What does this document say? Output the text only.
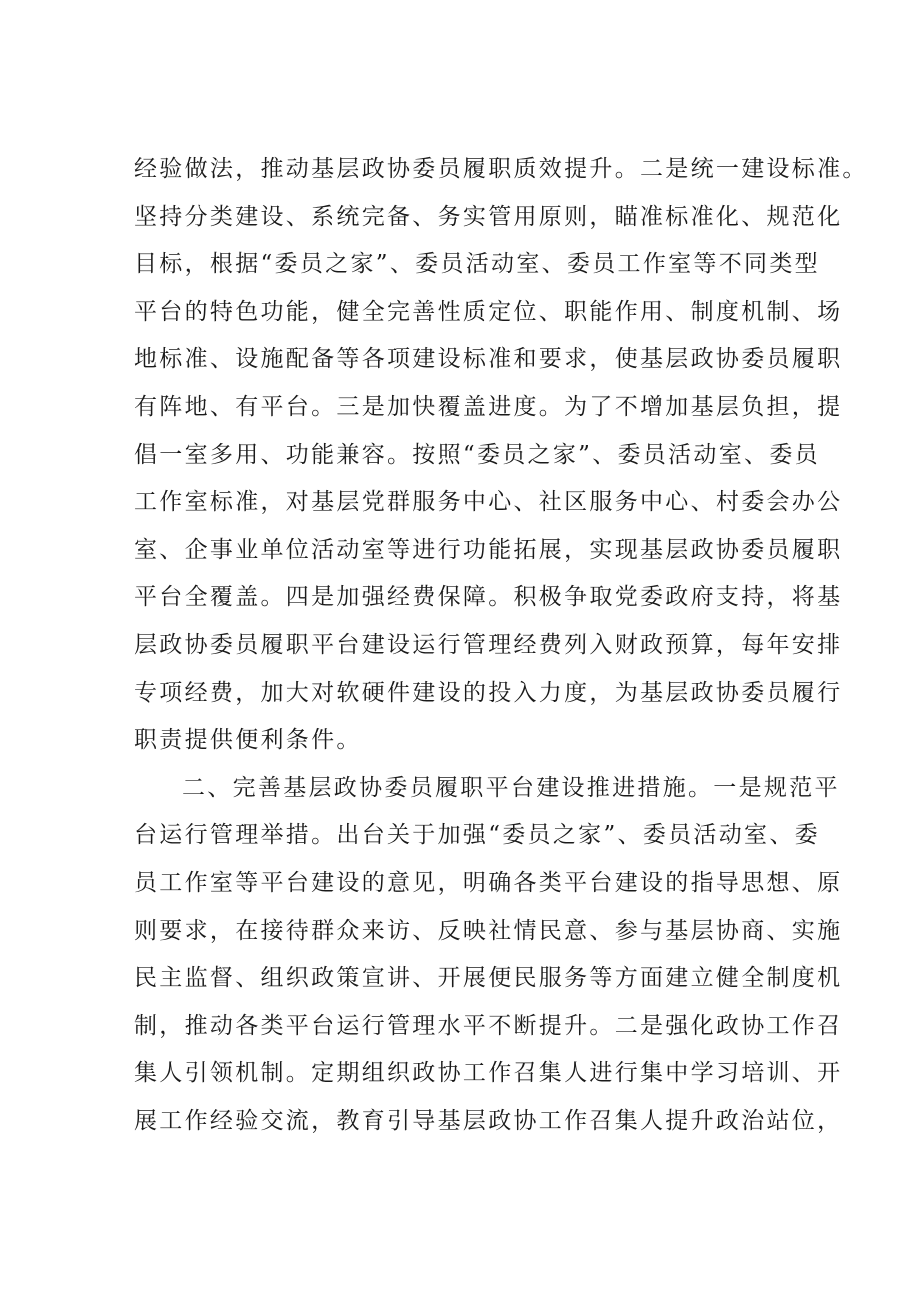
经验做法，推动基层政协委员履职质效提升。二是统一建设标准。
坚持分类建设、系统完备、务实管用原则，瞄准标准化、规范化
目标，根据“委员之家”、委员活动室、委员工作室等不同类型
平台的特色功能，健全完善性质定位、职能作用、制度机制、场
地标准、设施配备等各项建设标准和要求，使基层政协委员履职
有阵地、有平台。三是加快覆盖进度。为了不增加基层负担，提
倡一室多用、功能兼容。按照“委员之家”、委员活动室、委员
工作室标准，对基层党群服务中心、社区服务中心、村委会办公
室、企事业单位活动室等进行功能拓展，实现基层政协委员履职
平台全覆盖。四是加强经费保障。积极争取党委政府支持，将基
层政协委员履职平台建设运行管理经费列入财政预算，每年安排
专项经费，加大对软硬件建设的投入力度，为基层政协委员履行
职责提供便利条件。
二、完善基层政协委员履职平台建设推进措施。一是规范平
台运行管理举措。出台关于加强“委员之家”、委员活动室、委
员工作室等平台建设的意见，明确各类平台建设的指导思想、原
则要求，在接待群众来访、反映社情民意、参与基层协商、实施
民主监督、组织政策宣讲、开展便民服务等方面建立健全制度机
制，推动各类平台运行管理水平不断提升。二是强化政协工作召
集人引领机制。定期组织政协工作召集人进行集中学习培训、开
展工作经验交流，教育引导基层政协工作召集人提升政治站位，
